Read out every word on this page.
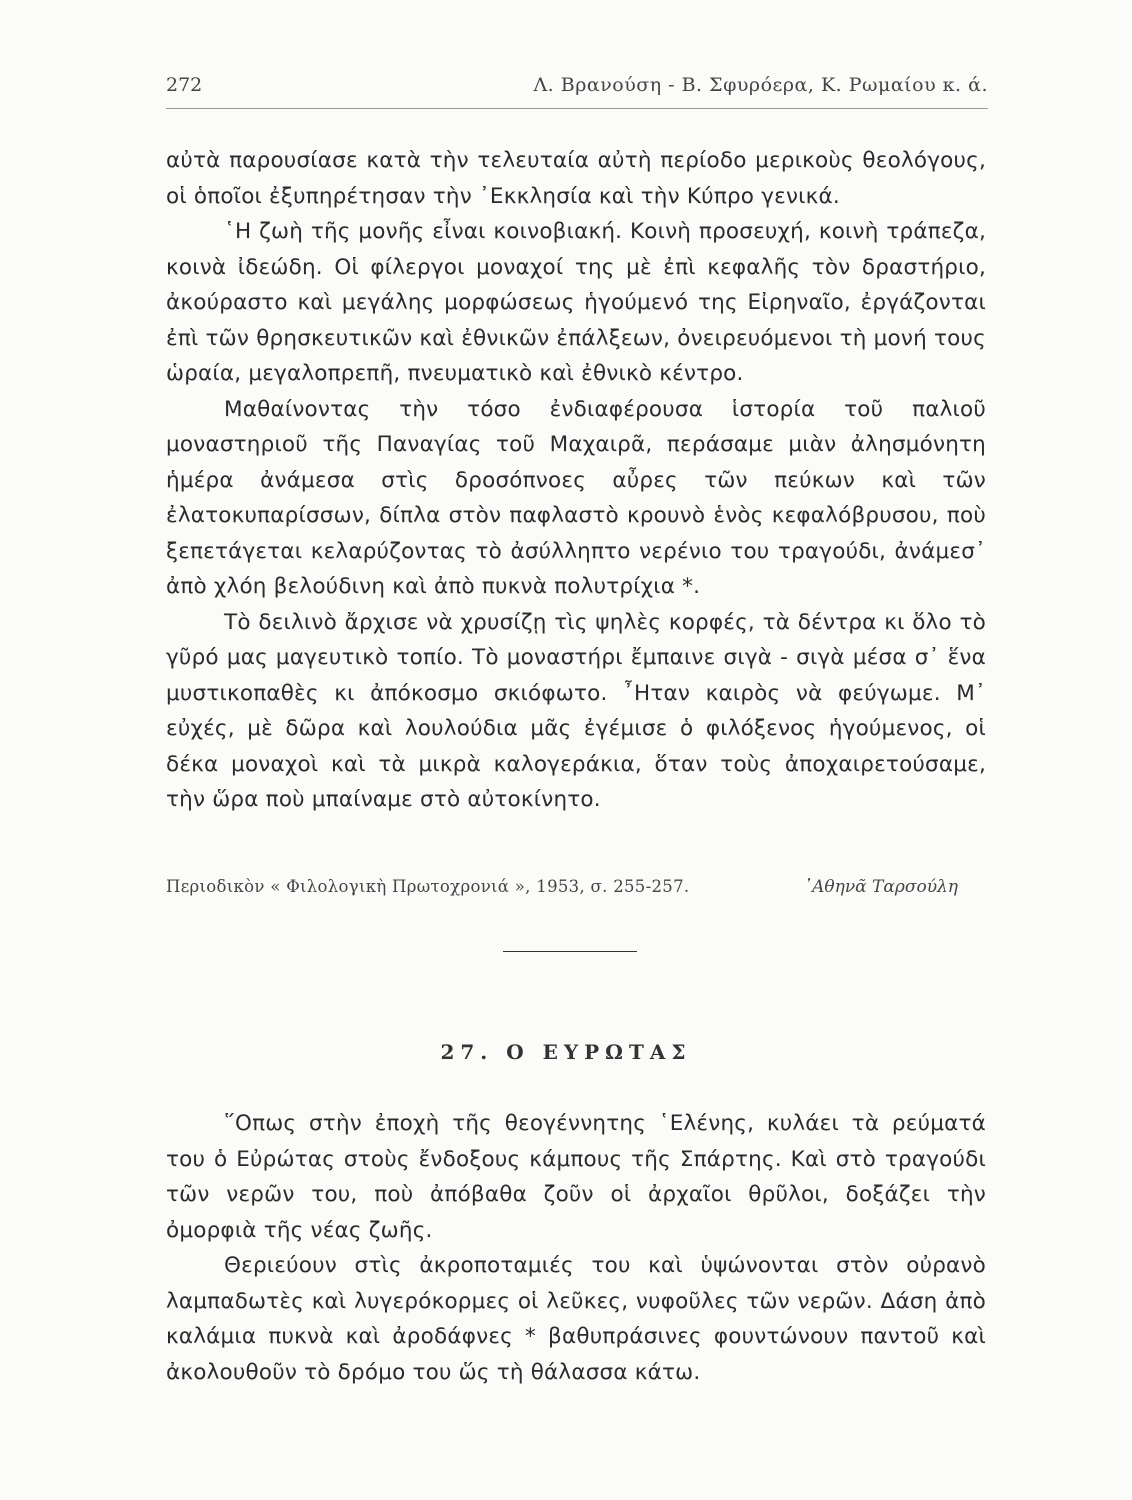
272	Λ. Βρανούση - Β. Σφυρόερα, Κ. Ρωμαίου κ. ά.

αὐτὰ παρουσίασε κατὰ τὴν τελευταία αὐτὴ περίοδο μερικοὺς θεολόγους, οἱ ὁποῖοι ἐξυπηρέτησαν τὴν ᾽Εκκλησία καὶ τὴν Κύπρο γενικά.

῾Η ζωὴ τῆς μονῆς εἶναι κοινοβιακή. Κοινὴ προσευχή, κοινὴ τράπεζα, κοινὰ ἰδεώδη. Οἱ φίλεργοι μοναχοί της μὲ ἐπὶ κεφαλῆς τὸν δραστήριο, ἀκούραστο καὶ μεγάλης μορφώσεως ἡγούμενό της Εἰρηναῖο, ἐργάζονται ἐπὶ τῶν θρησκευτικῶν καὶ ἐθνικῶν ἐπάλξεων, ὀνειρευόμενοι τὴ μονή τους ὡραία, μεγαλοπρεπῆ, πνευματικὸ καὶ ἐθνικὸ κέντρο.

Μαθαίνοντας τὴν τόσο ἐνδιαφέρουσα ἱστορία τοῦ παλιοῦ μοναστηριοῦ τῆς Παναγίας τοῦ Μαχαιρᾶ, περάσαμε μιὰν ἀλησμόνητη ἡμέρα ἀνάμεσα στὶς δροσόπνοες αὖρες τῶν πεύκων καὶ τῶν ἐλατοκυπαρίσσων, δίπλα στὸν παφλαστὸ κρουνὸ ἑνὸς κεφαλόβρυσου, ποὺ ξεπετάγεται κελαρύζοντας τὸ ἀσύλληπτο νερένιο του τραγούδι, ἀνάμεσ᾽ ἀπὸ χλόη βελούδινη καὶ ἀπὸ πυκνὰ πολυτρίχια *.

Τὸ δειλινὸ ἄρχισε νὰ χρυσίζῃ τὶς ψηλὲς κορφές, τὰ δέντρα κι ὅλο τὸ γῦρό μας μαγευτικὸ τοπίο. Τὸ μοναστήρι ἔμπαινε σιγὰ - σιγὰ μέσα σ᾽ ἕνα μυστικοπαθὲς κι ἀπόκοσμο σκιόφωτο. ῏Ηταν καιρὸς νὰ φεύγωμε. Μ᾽ εὐχές, μὲ δῶρα καὶ λουλούδια μᾶς ἐγέμισε ὁ φιλόξενος ἡγούμενος, οἱ δέκα μοναχοὶ καὶ τὰ μικρὰ καλογεράκια, ὅταν τοὺς ἀποχαιρετούσαμε, τὴν ὥρα ποὺ μπαίναμε στὸ αὐτοκίνητο.

Περιοδικὸν « Φιλολογικὴ Πρωτοχρονιά », 1953, σ. 255-257.	᾽Αθηνᾶ Ταρσούλη
27. Ο ΕΥΡΩΤΑΣ

῞Οπως στὴν ἐποχὴ τῆς θεογέννητης ῾Ελένης, κυλάει τὰ ρεύματά του ὁ Εὐρώτας στοὺς ἔνδοξους κάμπους τῆς Σπάρτης. Καὶ στὸ τραγούδι τῶν νερῶν του, ποὺ ἀπόβαθα ζοῦν οἱ ἀρχαῖοι θρῦλοι, δοξάζει τὴν ὀμορφιὰ τῆς νέας ζωῆς.

Θεριεύουν στὶς ἀκροποταμιές του καὶ ὑψώνονται στὸν οὐρανὸ λαμπαδωτὲς καὶ λυγερόκορμες οἱ λεῦκες, νυφοῦλες τῶν νερῶν. Δάση ἀπὸ καλάμια πυκνὰ καὶ ἀροδάφνες * βαθυπράσινες φουντώνουν παντοῦ καὶ ἀκολουθοῦν τὸ δρόμο του ὥς τὴ θάλασσα κάτω.
